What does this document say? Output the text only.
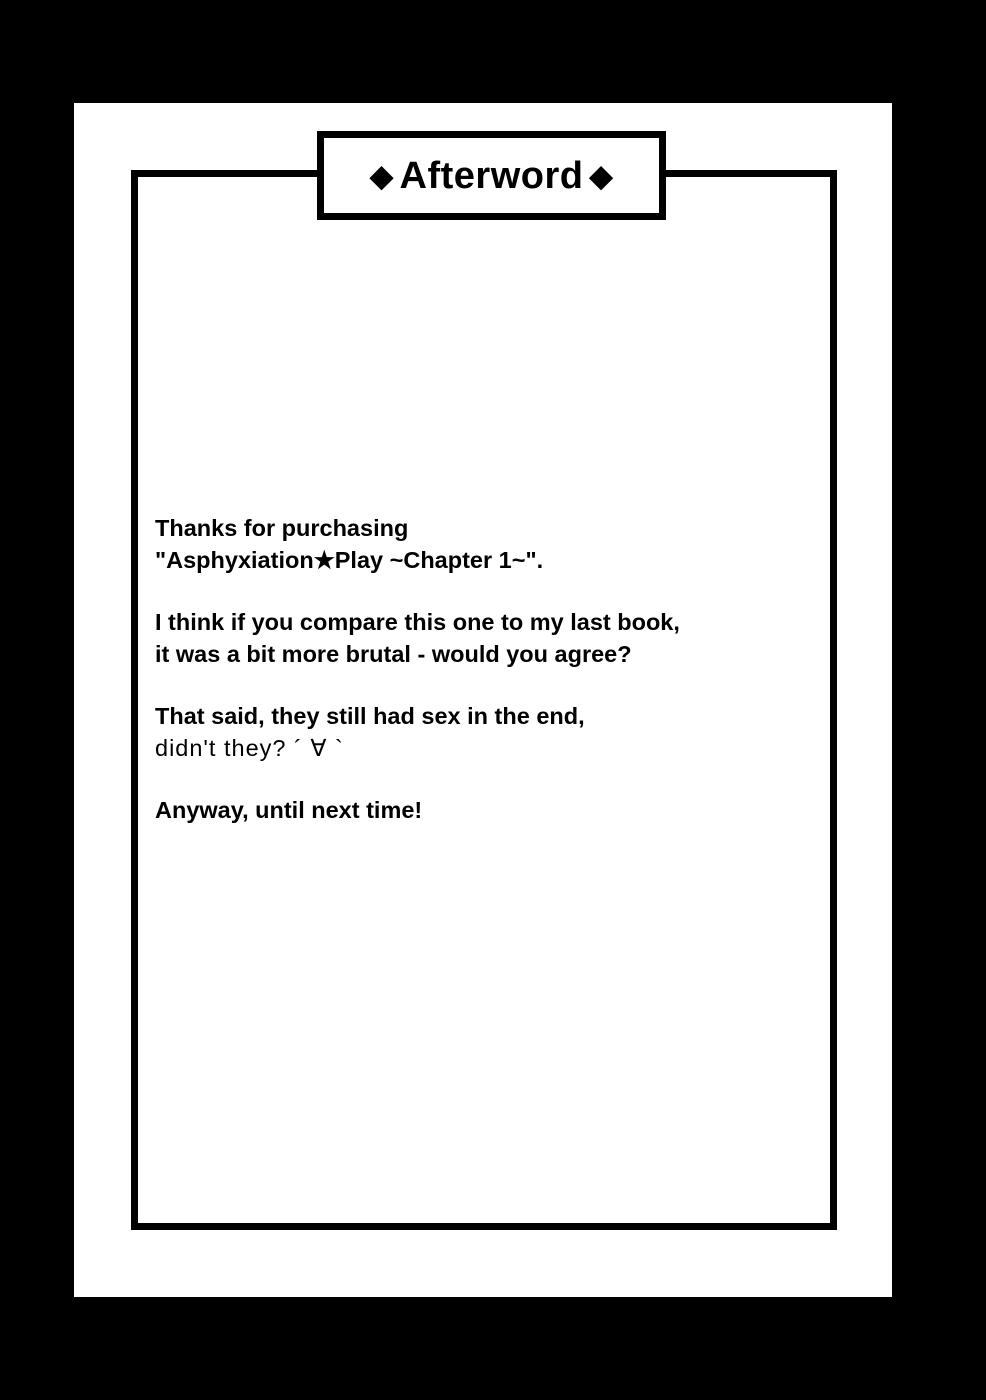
◆ Afterword ◆

Thanks for purchasing
"Asphyxiation★Play ~Chapter 1~".

I think if you compare this one to my last book,
it was a bit more brutal - would you agree?

That said, they still had sex in the end,
didn't they? ´ ∀ `

Anyway, until next time!
